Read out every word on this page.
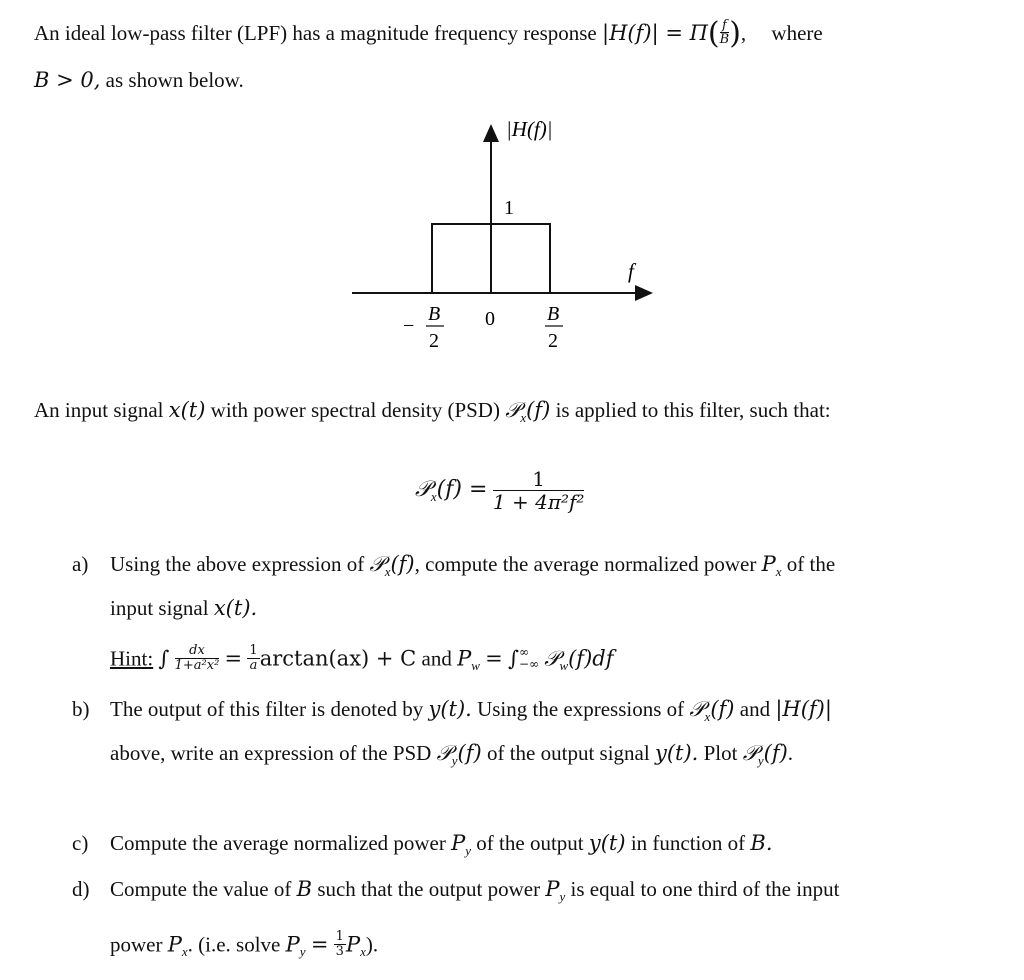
An ideal low-pass filter (LPF) has a magnitude frequency response $|H(f)| = \Pi( \frac{f}{B}$ ), where
B > 0, as shown below.
|H(f)|
f
1
0
−
B
2
B
2
An input signal x(t) with power spectral density (PSD) 𝒫$_x$(f) is applied to this filter, such that:
𝒫$_x$(f) = $\frac{1}{\text{1 + 4π²f²}}$
a) Using the above expression of 𝒫$_x$(f), compute the average normalized power $P_x$ of the
input signal x(t).
Hint: ∫ $\frac{dx}{\text{1+a²x²}} = \frac{1}{a} \arctan(ax) + C$ and $P_w$ = ∫ ∞
−∞ 𝒫$_w$(f)df
b) The output of this filter is denoted by y(t). Using the expressions of 𝒫$_x$(f) and |H(f)|
above, write an expression of the PSD 𝒫$_y$(f) of the output signal y(t). Plot 𝒫$_y$(f).
c) Compute the average normalized power $P_y$ of the output y(t) in function of B.
d) Compute the value of B such that the output power $P_y$ is equal to one third of the input
power $P_x$. (i.e. solve $P_y = \frac{1}{3} P_x$).
